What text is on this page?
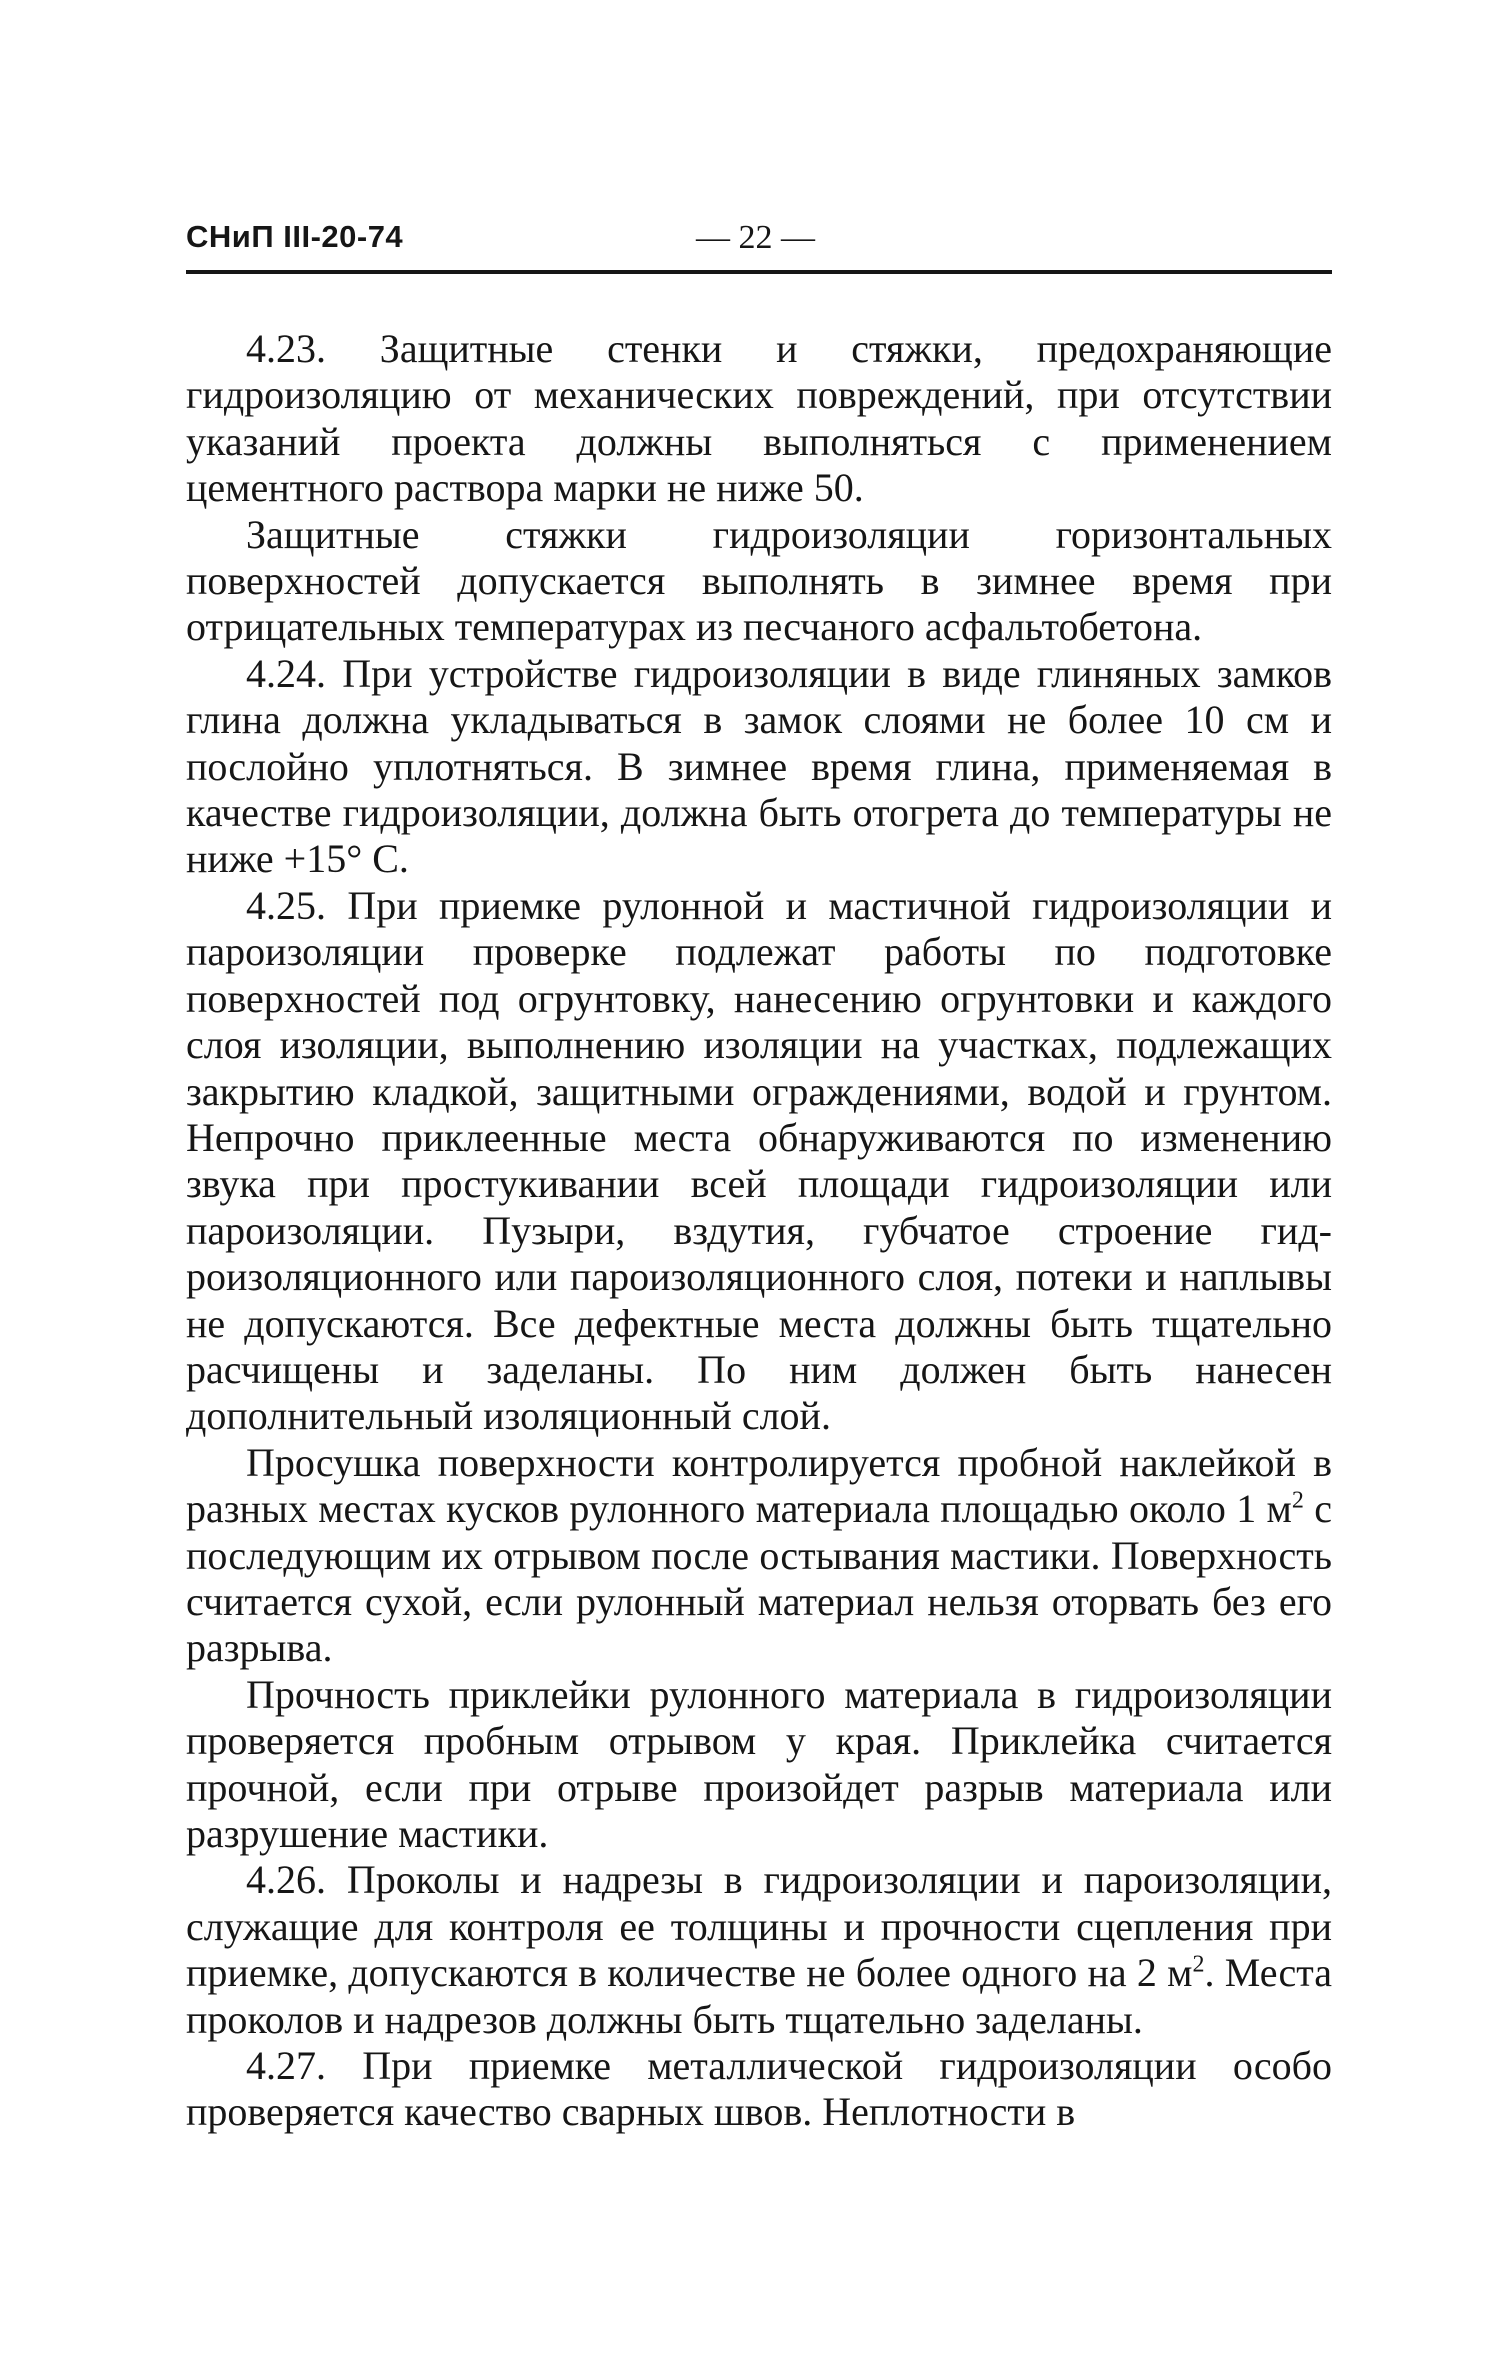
СНиП III-20-74	— 22 —

4.23. Защитные стенки и стяжки, предохраняющие гидроизоляцию от механических повреждений, при отсутствии указаний проекта должны выполняться с применением цементного раствора марки не ниже 50.

Защитные стяжки гидроизоляции горизонтальных поверхностей допускается выполнять в зимнее время при отрицательных температурах из песчаного асфальтобетона.

4.24. При устройстве гидроизоляции в виде глиняных замков глина должна укладываться в замок слоями не более 10 см и послойно уплотняться. В зимнее время глина, применяемая в качестве гидроизоляции, должна быть отогрета до температуры не ниже +15° С.

4.25. При приемке рулонной и мастичной гидроизоляции и пароизоляции проверке подлежат работы по подготовке поверхностей под огрунтовку, нанесению огрунтовки и каждого слоя изоляции, выполнению изоляции на участках, подлежащих закрытию кладкой, защитными ограждениями, водой и грунтом. Непрочно приклеенные места обнаруживаются по изменению звука при простукивании всей площади гидроизоляции или пароизоляции. Пузыри, вздутия, губчатое строение гидроизоляционного или пароизоляционного слоя, потеки и наплывы не допускаются. Все дефектные места должны быть тщательно расчищены и заделаны. По ним должен быть нанесен дополнительный изоляционный слой.

Просушка поверхности контролируется пробной наклейкой в разных местах кусков рулонного материала площадью около 1 $м^2$ с последующим их отрывом после остывания мастики. Поверхность считается сухой, если рулонный материал нельзя оторвать без его разрыва.

Прочность приклейки рулонного материала в гидроизоляции проверяется пробным отрывом у края. Приклейка считается прочной, если при отрыве произойдет разрыв материала или разрушение мастики.

4.26. Проколы и надрезы в гидроизоляции и пароизоляции, служащие для контроля ее толщины и прочности сцепления при приемке, допускаются в количестве не более одного на 2 $м^2$. Места проколов и надрезов должны быть тщательно заделаны.

4.27. При приемке металлической гидроизоляции особо проверяется качество сварных швов. Неплотности в
